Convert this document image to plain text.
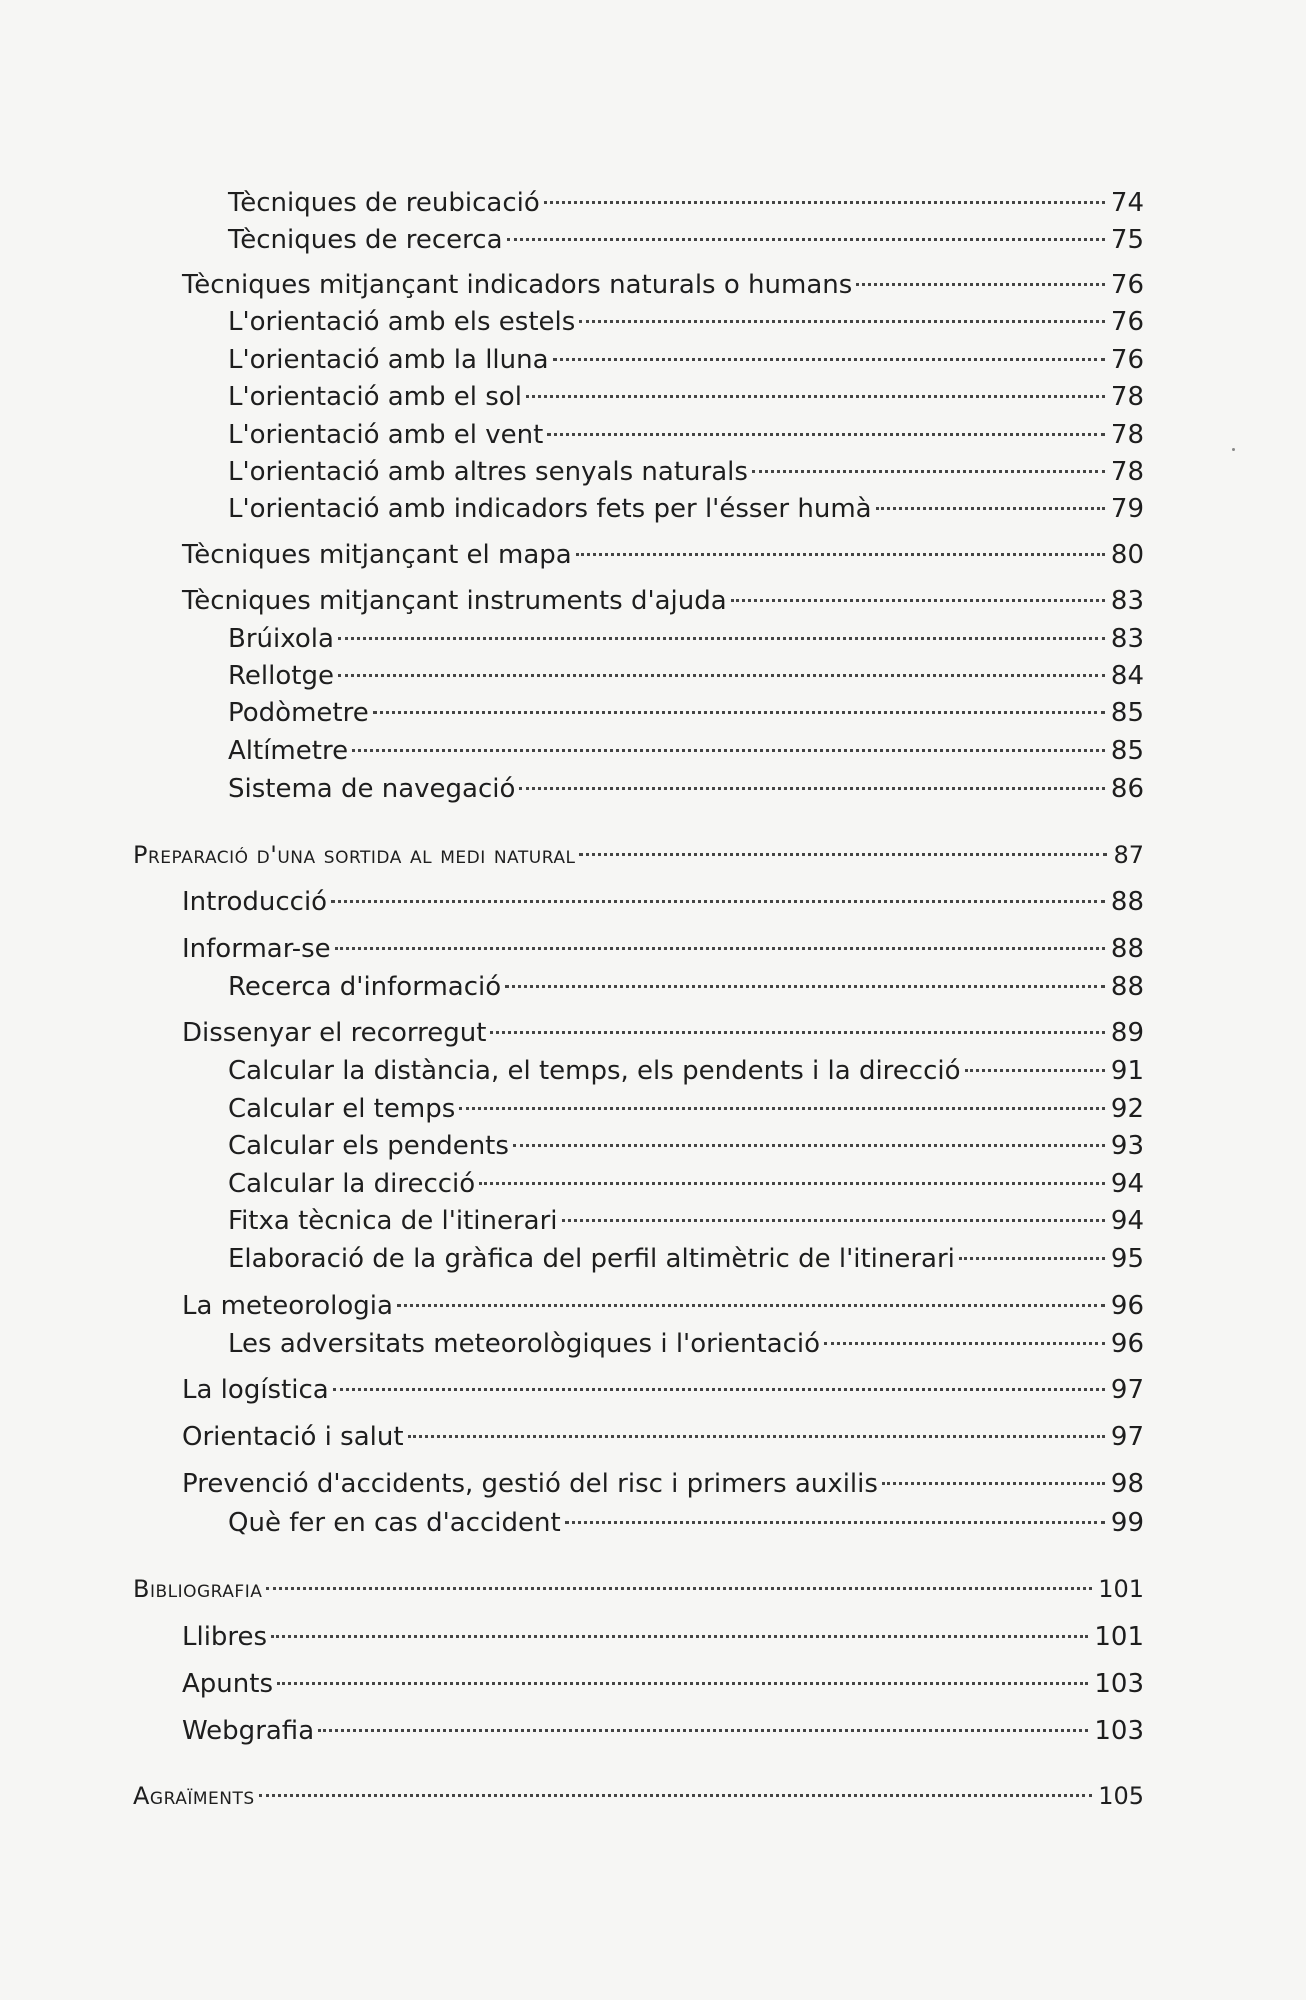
Tècniques de reubicació	74
Tècniques de recerca	75
Tècniques mitjançant indicadors naturals o humans	76
L'orientació amb els estels	76
L'orientació amb la lluna	76
L'orientació amb el sol	78
L'orientació amb el vent	78
L'orientació amb altres senyals naturals	78
L'orientació amb indicadors fets per l'ésser humà	79
Tècniques mitjançant el mapa	80
Tècniques mitjançant instruments d'ajuda	83
Brúixola	83
Rellotge	84
Podòmetre	85
Altímetre	85
Sistema de navegació	86
Preparació d'una sortida al medi natural	87
Introducció	88
Informar-se	88
Recerca d'informació	88
Dissenyar el recorregut	89
Calcular la distància, el temps, els pendents i la direcció	91
Calcular el temps	92
Calcular els pendents	93
Calcular la direcció	94
Fitxa tècnica de l'itinerari	94
Elaboració de la gràfica del perfil altimètric de l'itinerari	95
La meteorologia	96
Les adversitats meteorològiques i l'orientació	96
La logística	97
Orientació i salut	97
Prevenció d'accidents, gestió del risc i primers auxilis	98
Què fer en cas d'accident	99
Bibliografia	101
Llibres	101
Apunts	103
Webgrafia	103
Agraïments	105
